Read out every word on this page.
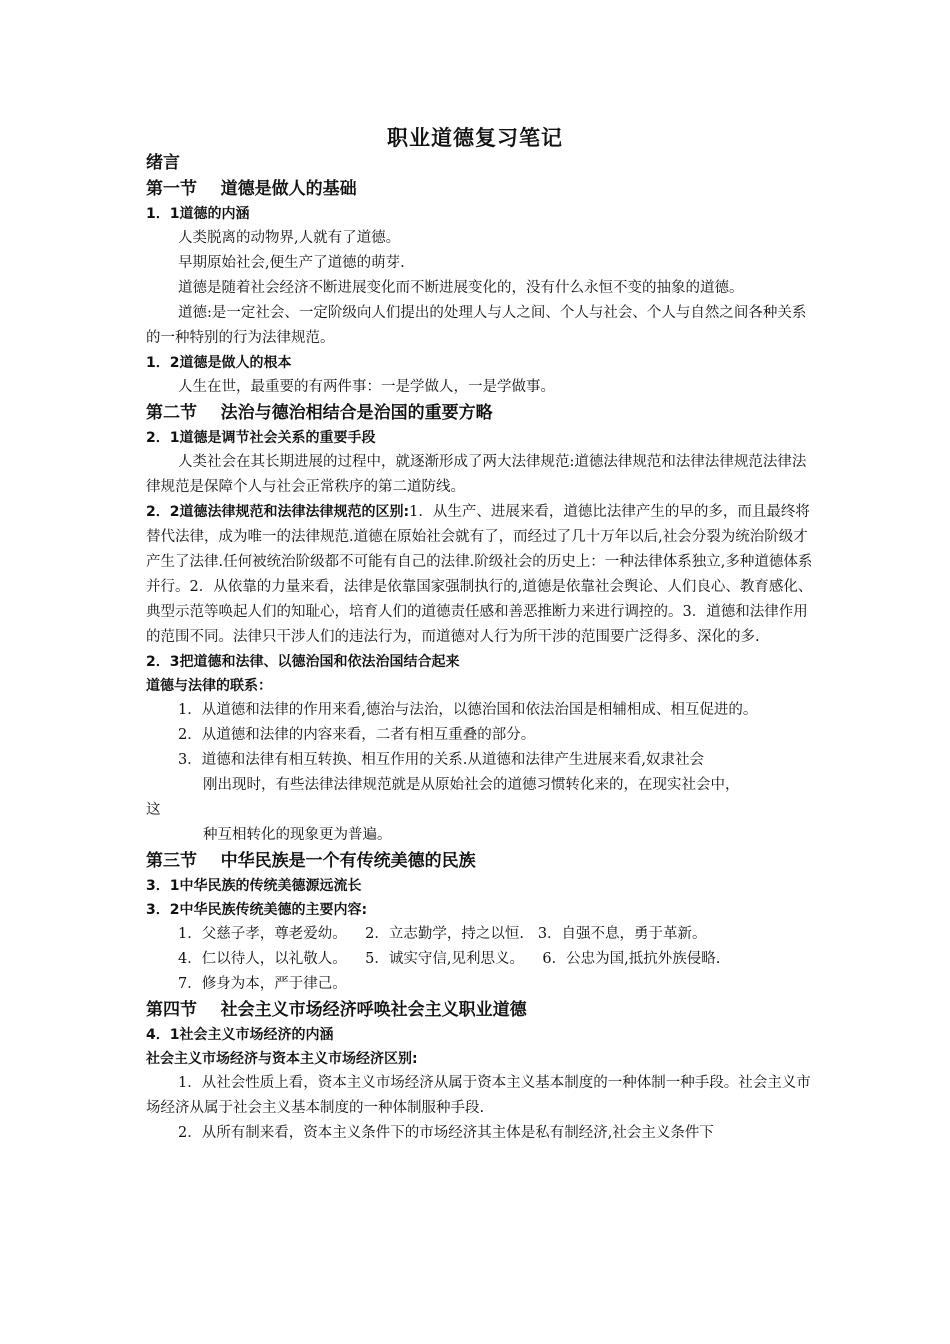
职业道德复习笔记
绪言
第一节    道德是做人的基础
1．1道德的内涵
人类脱离的动物界,人就有了道德。
早期原始社会,便生产了道德的萌芽.
道德是随着社会经济不断进展变化而不断进展变化的，没有什么永恒不变的抽象的道德。
道德:是一定社会、一定阶级向人们提出的处理人与人之间、个人与社会、个人与自然之间各种关系的一种特别的行为法律规范。
1．2道德是做人的根本
人生在世，最重要的有两件事：一是学做人，一是学做事。
第二节    法治与德治相结合是治国的重要方略
2．1道德是调节社会关系的重要手段
人类社会在其长期进展的过程中，就逐渐形成了两大法律规范:道德法律规范和法律法律规范法律法律规范是保障个人与社会正常秩序的第二道防线。
2．2道德法律规范和法律法律规范的区别:1．从生产、进展来看，道德比法律产生的早的多，而且最终将替代法律，成为唯一的法律规范.道德在原始社会就有了，而经过了几十万年以后,社会分裂为统治阶级才产生了法律.任何被统治阶级都不可能有自己的法律.阶级社会的历史上：一种法律体系独立,多种道德体系并行。2．从依靠的力量来看，法律是依靠国家强制执行的,道德是依靠社会舆论、人们良心、教育感化、典型示范等唤起人们的知耻心，培育人们的道德责任感和善恶推断力来进行调控的。3．道德和法律作用的范围不同。法律只干涉人们的违法行为，而道德对人行为所干涉的范围要广泛得多、深化的多.
2．3把道德和法律、以德治国和依法治国结合起来
道德与法律的联系：
1．从道德和法律的作用来看,德治与法治，以德治国和依法治国是相辅相成、相互促进的。
2．从道德和法律的内容来看，二者有相互重叠的部分。
3．道德和法律有相互转换、相互作用的关系.从道德和法律产生进展来看,奴隶社会
刚出现时，有些法律法律规范就是从原始社会的道德习惯转化来的，在现实社会中，
这
种互相转化的现象更为普遍。
第三节    中华民族是一个有传统美德的民族
3．1中华民族的传统美德源远流长
3．2中华民族传统美德的主要内容:
1．父慈子孝，尊老爱幼。    2．立志勤学，持之以恒.   3．自强不息，勇于革新。
4．仁以待人，以礼敬人。    5．诚实守信,见利思义。    6．公忠为国,抵抗外族侵略.
7．修身为本，严于律己。
第四节    社会主义市场经济呼唤社会主义职业道德
4．1社会主义市场经济的内涵
社会主义市场经济与资本主义市场经济区别:
1．从社会性质上看，资本主义市场经济从属于资本主义基本制度的一种体制一种手段。社会主义市场经济从属于社会主义基本制度的一种体制服种手段.
2．从所有制来看，资本主义条件下的市场经济其主体是私有制经济,社会主义条件下
